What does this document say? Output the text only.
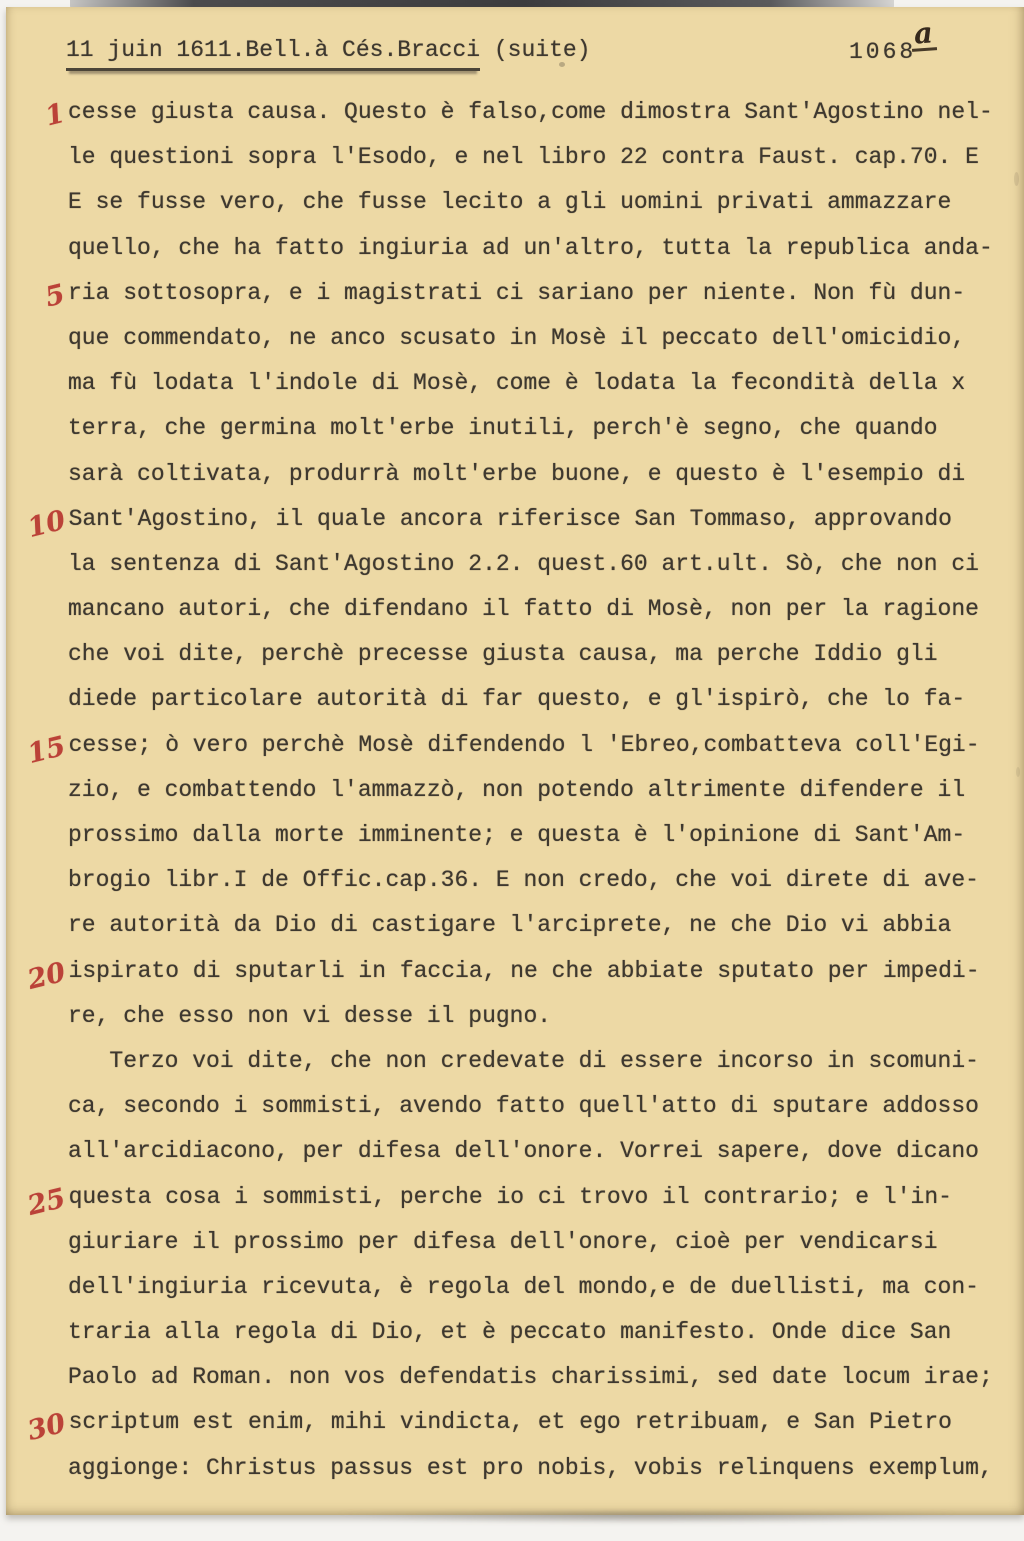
11 juin 1611.Bell.à Cés.Bracci (suite)	1068
a
1 cesse giusta causa. Questo è falso,come dimostra Sant'Agostino nel-
le questioni sopra l'Esodo, e nel libro 22 contra Faust. cap.70. E
E se fusse vero, che fusse lecito a gli uomini privati ammazzare
quello, che ha fatto ingiuria ad un'altro, tutta la republica anda-
5 ria sottosopra, e i magistrati ci sariano per niente. Non fù dun-
que commendato, ne anco scusato in Mosè il peccato dell'omicidio,
ma fù lodata l'indole di Mosè, come è lodata la fecondità della x
terra, che germina molt'erbe inutili, perch'è segno, che quando
sarà coltivata, produrrà molt'erbe buone, e questo è l'esempio di
10 Sant'Agostino, il quale ancora riferisce San Tommaso, approvando
la sentenza di Sant'Agostino 2.2. quest.60 art.ult. Sò, che non ci
mancano autori, che difendano il fatto di Mosè, non per la ragione
che voi dite, perchè precesse giusta causa, ma perche Iddio gli
diede particolare autorità di far questo, e gl'ispirò, che lo fa-
15 cesse; ò vero perchè Mosè difendendo l 'Ebreo,combatteva coll'Egi-
zio, e combattendo l'ammazzò, non potendo altrimente difendere il
prossimo dalla morte imminente; e questa è l'opinione di Sant'Am-
brogio libr.I de Offic.cap.36. E non credo, che voi direte di ave-
re autorità da Dio di castigare l'arciprete, ne che Dio vi abbia
20 ispirato di sputarli in faccia, ne che abbiate sputato per impedi-
re, che esso non vi desse il pugno.
Terzo voi dite, che non credevate di essere incorso in scomuni-
ca, secondo i sommisti, avendo fatto quell'atto di sputare addosso
all'arcidiacono, per difesa dell'onore. Vorrei sapere, dove dicano
25 questa cosa i sommisti, perche io ci trovo il contrario; e l'in-
giuriare il prossimo per difesa dell'onore, cioè per vendicarsi
dell'ingiuria ricevuta, è regola del mondo,e de duellisti, ma con-
traria alla regola di Dio, et è peccato manifesto. Onde dice San
Paolo ad Roman. non vos defendatis charissimi, sed date locum irae;
30 scriptum est enim, mihi vindicta, et ego retribuam, e San Pietro
aggionge: Christus passus est pro nobis, vobis relinquens exemplum,
